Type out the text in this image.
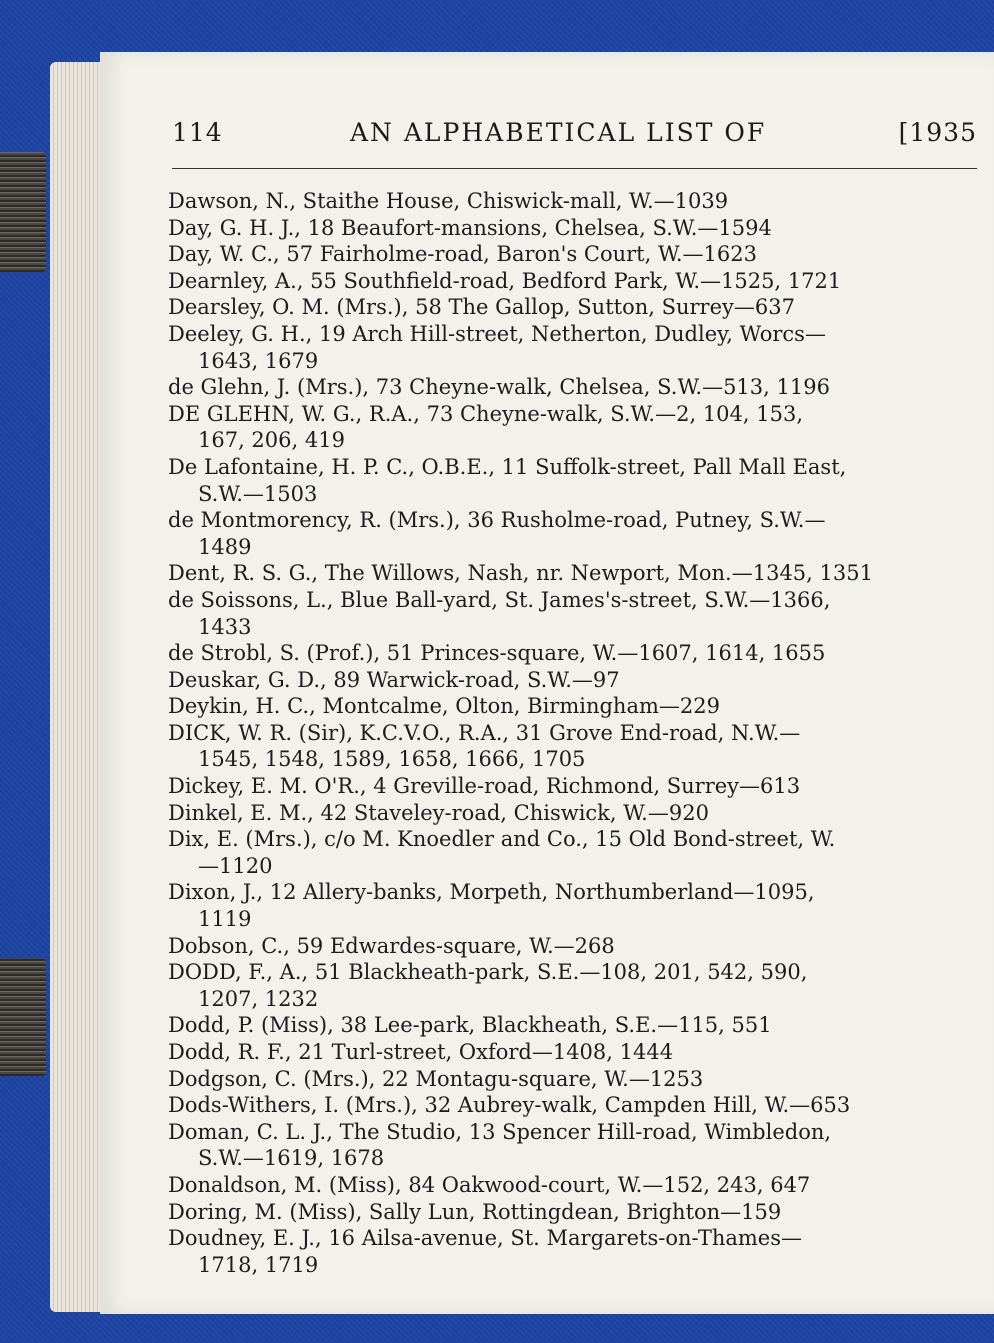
114	AN ALPHABETICAL LIST OF	[1935
Dawson, N., Staithe House, Chiswick-mall, W.—1039
Day, G. H. J., 18 Beaufort-mansions, Chelsea, S.W.—1594
Day, W. C., 57 Fairholme-road, Baron's Court, W.—1623
Dearnley, A., 55 Southfield-road, Bedford Park, W.—1525, 1721
Dearsley, O. M. (Mrs.), 58 The Gallop, Sutton, Surrey—637
Deeley, G. H., 19 Arch Hill-street, Netherton, Dudley, Worcs—
1643, 1679
de Glehn, J. (Mrs.), 73 Cheyne-walk, Chelsea, S.W.—513, 1196
DE GLEHN, W. G., R.A., 73 Cheyne-walk, S.W.—2, 104, 153,
167, 206, 419
De Lafontaine, H. P. C., O.B.E., 11 Suffolk-street, Pall Mall East,
S.W.—1503
de Montmorency, R. (Mrs.), 36 Rusholme-road, Putney, S.W.—
1489
Dent, R. S. G., The Willows, Nash, nr. Newport, Mon.—1345, 1351
de Soissons, L., Blue Ball-yard, St. James's-street, S.W.—1366,
1433
de Strobl, S. (Prof.), 51 Princes-square, W.—1607, 1614, 1655
Deuskar, G. D., 89 Warwick-road, S.W.—97
Deykin, H. C., Montcalme, Olton, Birmingham—229
DICK, W. R. (Sir), K.C.V.O., R.A., 31 Grove End-road, N.W.—
1545, 1548, 1589, 1658, 1666, 1705
Dickey, E. M. O'R., 4 Greville-road, Richmond, Surrey—613
Dinkel, E. M., 42 Staveley-road, Chiswick, W.—920
Dix, E. (Mrs.), c/o M. Knoedler and Co., 15 Old Bond-street, W.
—1120
Dixon, J., 12 Allery-banks, Morpeth, Northumberland—1095,
1119
Dobson, C., 59 Edwardes-square, W.—268
DODD, F., A., 51 Blackheath-park, S.E.—108, 201, 542, 590,
1207, 1232
Dodd, P. (Miss), 38 Lee-park, Blackheath, S.E.—115, 551
Dodd, R. F., 21 Turl-street, Oxford—1408, 1444
Dodgson, C. (Mrs.), 22 Montagu-square, W.—1253
Dods-Withers, I. (Mrs.), 32 Aubrey-walk, Campden Hill, W.—653
Doman, C. L. J., The Studio, 13 Spencer Hill-road, Wimbledon,
S.W.—1619, 1678
Donaldson, M. (Miss), 84 Oakwood-court, W.—152, 243, 647
Doring, M. (Miss), Sally Lun, Rottingdean, Brighton—159
Doudney, E. J., 16 Ailsa-avenue, St. Margarets-on-Thames—
1718, 1719
